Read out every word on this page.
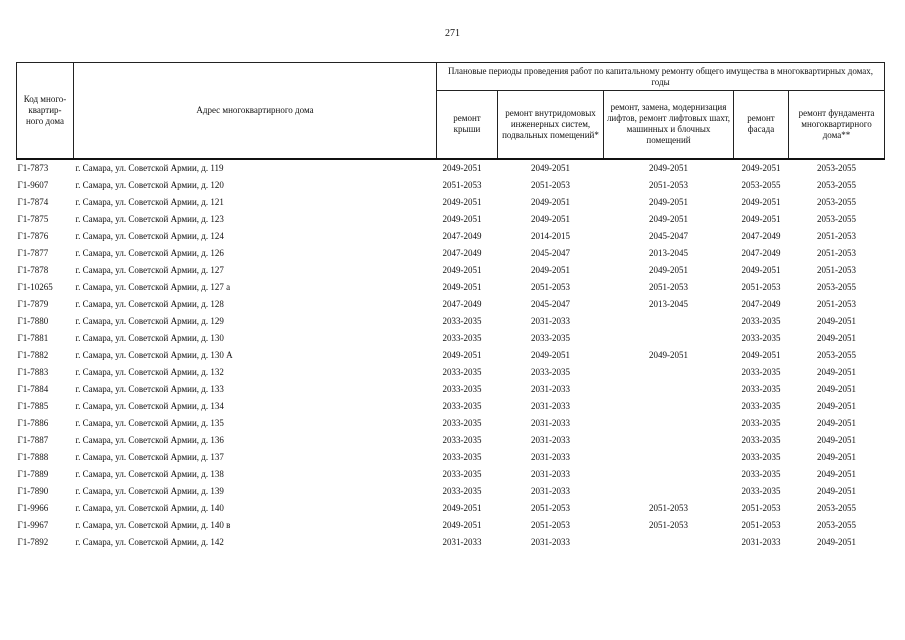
271
Код много-
квартир-
ного дома	Адрес многоквартирного дома	Плановые периоды проведения работ по капитальному ремонту общего имущества в многоквартирных домах, годы				
		ремонт крыши	ремонт внутридомовых инженерных систем, подвальных помещений*	ремонт, замена, модернизация лифтов, ремонт лифтовых шахт, машинных и блочных помещений	ремонт фасада	ремонт фундамента многоквартирного дома**
Г1-7873	г. Самара, ул. Советской Армии, д. 119	2049-2051	2049-2051	2049-2051	2049-2051	2053-2055
Г1-9607	г. Самара, ул. Советской Армии, д. 120	2051-2053	2051-2053	2051-2053	2053-2055	2053-2055
Г1-7874	г. Самара, ул. Советской Армии, д. 121	2049-2051	2049-2051	2049-2051	2049-2051	2053-2055
Г1-7875	г. Самара, ул. Советской Армии, д. 123	2049-2051	2049-2051	2049-2051	2049-2051	2053-2055
Г1-7876	г. Самара, ул. Советской Армии, д. 124	2047-2049	2014-2015	2045-2047	2047-2049	2051-2053
Г1-7877	г. Самара, ул. Советской Армии, д. 126	2047-2049	2045-2047	2013-2045	2047-2049	2051-2053
Г1-7878	г. Самара, ул. Советской Армии, д. 127	2049-2051	2049-2051	2049-2051	2049-2051	2051-2053
Г1-10265	г. Самара, ул. Советской Армии, д. 127 а	2049-2051	2051-2053	2051-2053	2051-2053	2053-2055
Г1-7879	г. Самара, ул. Советской Армии, д. 128	2047-2049	2045-2047	2013-2045	2047-2049	2051-2053
Г1-7880	г. Самара, ул. Советской Армии, д. 129	2033-2035	2031-2033		2033-2035	2049-2051
Г1-7881	г. Самара, ул. Советской Армии, д. 130	2033-2035	2033-2035		2033-2035	2049-2051
Г1-7882	г. Самара, ул. Советской Армии, д. 130 А	2049-2051	2049-2051	2049-2051	2049-2051	2053-2055
Г1-7883	г. Самара, ул. Советской Армии, д. 132	2033-2035	2033-2035		2033-2035	2049-2051
Г1-7884	г. Самара, ул. Советской Армии, д. 133	2033-2035	2031-2033		2033-2035	2049-2051
Г1-7885	г. Самара, ул. Советской Армии, д. 134	2033-2035	2031-2033		2033-2035	2049-2051
Г1-7886	г. Самара, ул. Советской Армии, д. 135	2033-2035	2031-2033		2033-2035	2049-2051
Г1-7887	г. Самара, ул. Советской Армии, д. 136	2033-2035	2031-2033		2033-2035	2049-2051
Г1-7888	г. Самара, ул. Советской Армии, д. 137	2033-2035	2031-2033		2033-2035	2049-2051
Г1-7889	г. Самара, ул. Советской Армии, д. 138	2033-2035	2031-2033		2033-2035	2049-2051
Г1-7890	г. Самара, ул. Советской Армии, д. 139	2033-2035	2031-2033		2033-2035	2049-2051
Г1-9966	г. Самара, ул. Советской Армии, д. 140	2049-2051	2051-2053	2051-2053	2051-2053	2053-2055
Г1-9967	г. Самара, ул. Советской Армии, д. 140 в	2049-2051	2051-2053	2051-2053	2051-2053	2053-2055
Г1-7892	г. Самара, ул. Советской Армии, д. 142	2031-2033	2031-2033		2031-2033	2049-2051
